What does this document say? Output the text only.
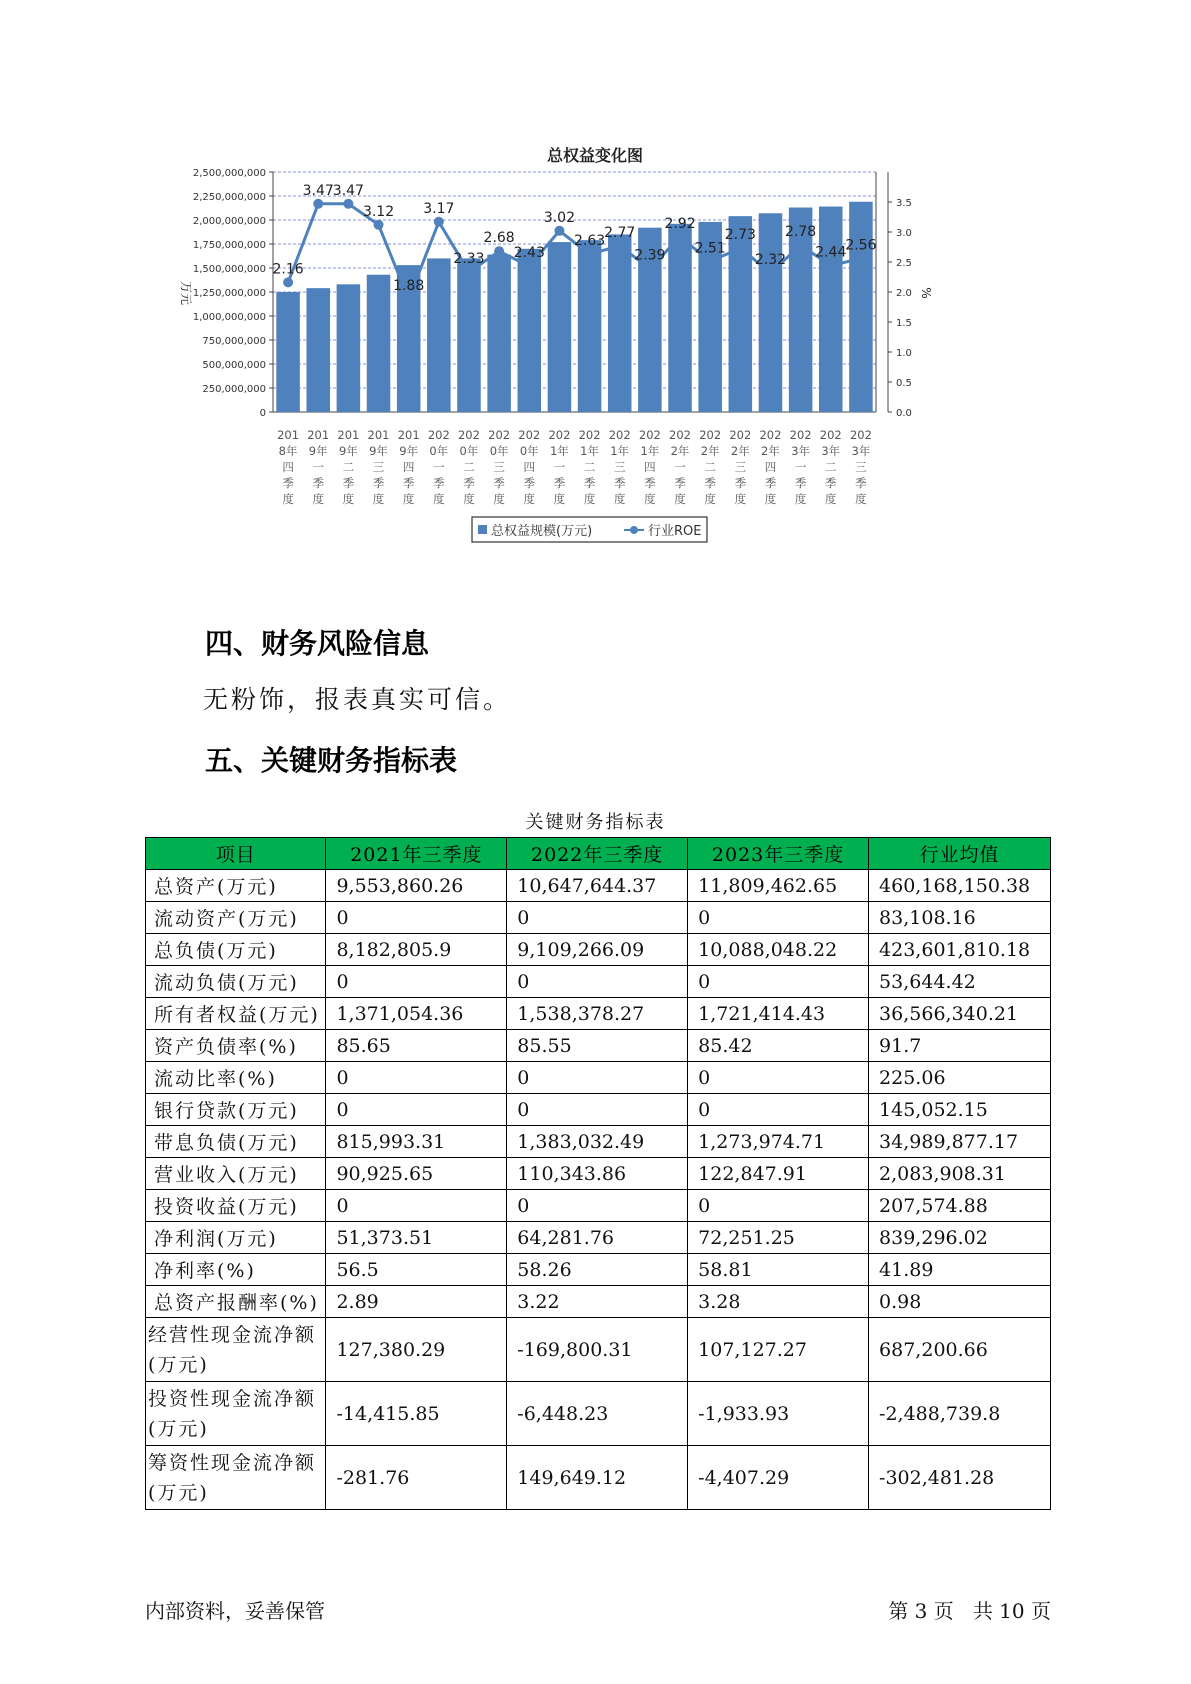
总权益变化图
0
250,000,000
500,000,000
750,000,000
1,000,000,000
1,250,000,000
1,500,000,000
1,750,000,000
2,000,000,000
2,250,000,000
2,500,000,000
0.0
0.5
1.0
1.5
2.0
2.5
3.0
3.5
2.16
3.47
3.47
3.12
1.88
3.17
2.33
2.68
2.43
3.02
2.63
2.77
2.39
2.92
2.51
2.73
2.32
2.78
2.44
2.56
201 8年四季度
201 9年一季度
201 9年二季度
201 9年三季度
201 9年四季度
202 0年一季度
202 0年二季度
202 0年三季度
202 0年四季度
202 1年一季度
202 1年二季度
202 1年三季度
202 1年四季度
202 2年一季度
202 2年二季度
202 2年三季度
202 2年四季度
202 3年一季度
202 3年二季度
202 3年三季度
万元	%
总权益规模(万元)	行业ROE
四、财务风险信息

无粉饰，报表真实可信。

五、关键财务指标表
关键财务指标表
项目	2021年三季度	2022年三季度	2023年三季度	行业均值
总资产(万元)	9,553,860.26	10,647,644.37	11,809,462.65	460,168,150.38
流动资产(万元)	0	0	0	83,108.16
总负债(万元)	8,182,805.9	9,109,266.09	10,088,048.22	423,601,810.18
流动负债(万元)	0	0	0	53,644.42
所有者权益(万元)	1,371,054.36	1,538,378.27	1,721,414.43	36,566,340.21
资产负债率(%)	85.65	85.55	85.42	91.7
流动比率(%)	0	0	0	225.06
银行贷款(万元)	0	0	0	145,052.15
带息负债(万元)	815,993.31	1,383,032.49	1,273,974.71	34,989,877.17
营业收入(万元)	90,925.65	110,343.86	122,847.91	2,083,908.31
投资收益(万元)	0	0	0	207,574.88
净利润(万元)	51,373.51	64,281.76	72,251.25	839,296.02
净利率(%)	56.5	58.26	58.81	41.89
总资产报酬率(%)	2.89	3.22	3.28	0.98
经营性现金流净额(万元)	127,380.29	-169,800.31	107,127.27	687,200.66
投资性现金流净额(万元)	-14,415.85	-6,448.23	-1,933.93	-2,488,739.8
筹资性现金流净额(万元)	-281.76	149,649.12	-4,407.29	-302,481.28
内部资料，妥善保管	第 3 页   共 10 页
